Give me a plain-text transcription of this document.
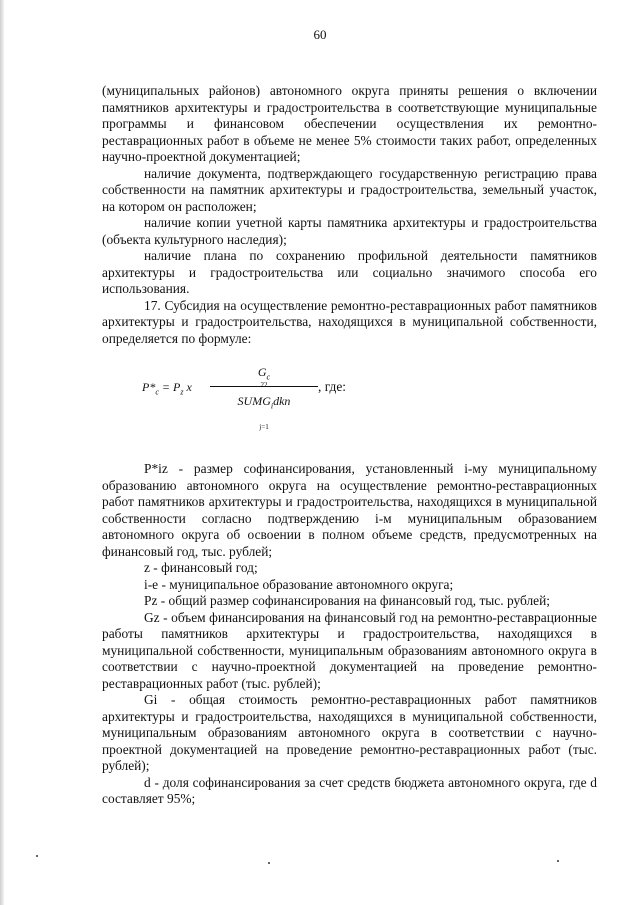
60

(муниципальных районов) автономного округа приняты решения о включении памятников архитектуры и градостроительства в соответствующие муниципальные программы и финансовом обеспечении осуществления их ремонтно-реставрационных работ в объеме не менее 5% стоимости таких работ, определенных научно-проектной документацией;

наличие документа, подтверждающего государственную регистрацию права собственности на памятник архитектуры и градостроительства, земельный участок, на котором он расположен;

наличие копии учетной карты памятника архитектуры и градостроительства (объекта культурного наследия);

наличие плана по сохранению профильной деятельности памятников архитектуры и градостроительства или социально значимого способа его использования.

17. Субсидия на осуществление ремонтно-реставрационных работ памятников архитектуры и градостроительства, находящихся в муниципальной собственности, определяется по формуле:

$P*_c = P_z$ x
$G_c$
22
$SUMG_idkn$
j=1
, где:

P*iz - размер софинансирования, установленный i-му муниципальному образованию автономного округа на осуществление ремонтно-реставрационных работ памятников архитектуры и градостроительства, находящихся в муниципальной собственности согласно подтверждению i-м муниципальным образованием автономного округа об освоении в полном объеме средств, предусмотренных на финансовый год, тыс. рублей;

z - финансовый год;

i-е - муниципальное образование автономного округа;

Pz - общий размер софинансирования на финансовый год, тыс. рублей;

Gz - объем финансирования на финансовый год на ремонтно-реставрационные работы памятников архитектуры и градостроительства, находящихся в муниципальной собственности, муниципальным образованиям автономного округа в соответствии с научно-проектной документацией на проведение ремонтно-реставрационных работ (тыс. рублей);

Gi - общая стоимость ремонтно-реставрационных работ памятников архитектуры и градостроительства, находящихся в муниципальной собственности, муниципальным образованиям автономного округа в соответствии с научно-проектной документацией на проведение ремонтно-реставрационных работ (тыс. рублей);

d - доля софинансирования за счет средств бюджета автономного округа, где d составляет 95%;
